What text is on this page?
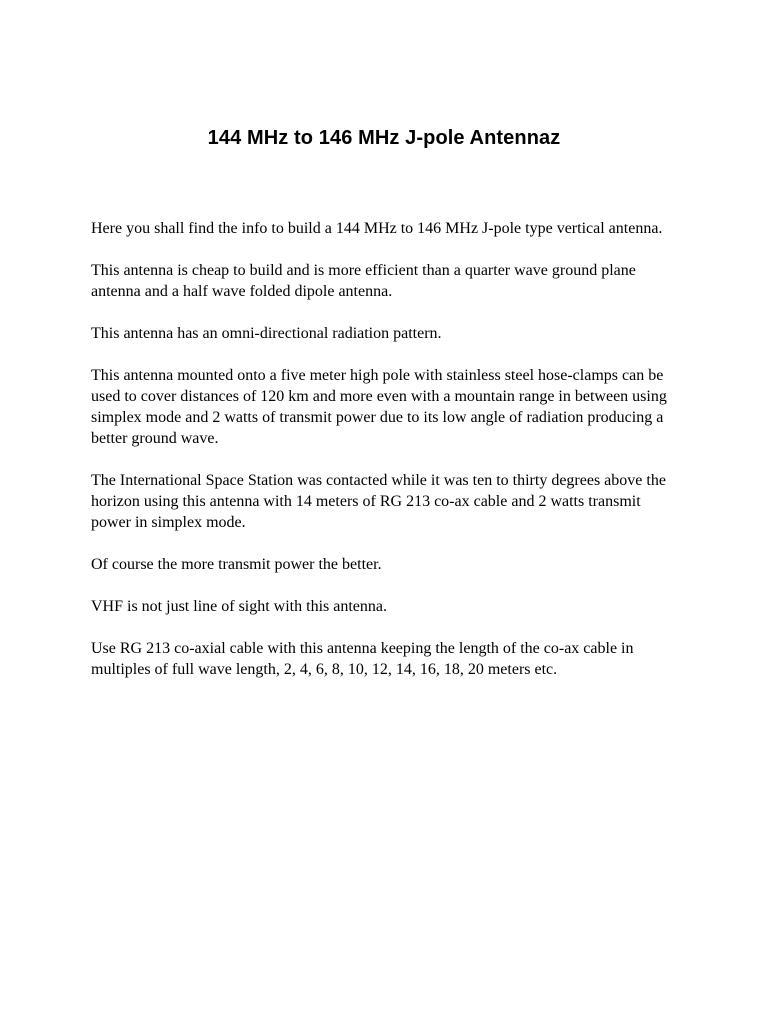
144 MHz to 146 MHz J-pole Antennaz

Here you shall find the info to build a 144 MHz to 146 MHz J-pole type vertical antenna.

This antenna is cheap to build and is more efficient than a quarter wave ground plane antenna and a half wave folded dipole antenna.

This antenna has an omni-directional radiation pattern.

This antenna mounted onto a five meter high pole with stainless steel hose-clamps can be used to cover distances of 120 km and more even with a mountain range in between using simplex mode and 2 watts of transmit power due to its low angle of radiation producing a better ground wave.

The International Space Station was contacted while it was ten to thirty degrees above the horizon using this antenna with 14 meters of RG 213 co-ax cable and 2 watts transmit power in simplex mode.

Of course the more transmit power the better.

VHF is not just line of sight with this antenna.

Use RG 213 co-axial cable with this antenna keeping the length of the co-ax cable in multiples of full wave length, 2, 4, 6, 8, 10, 12, 14, 16, 18, 20 meters etc.
